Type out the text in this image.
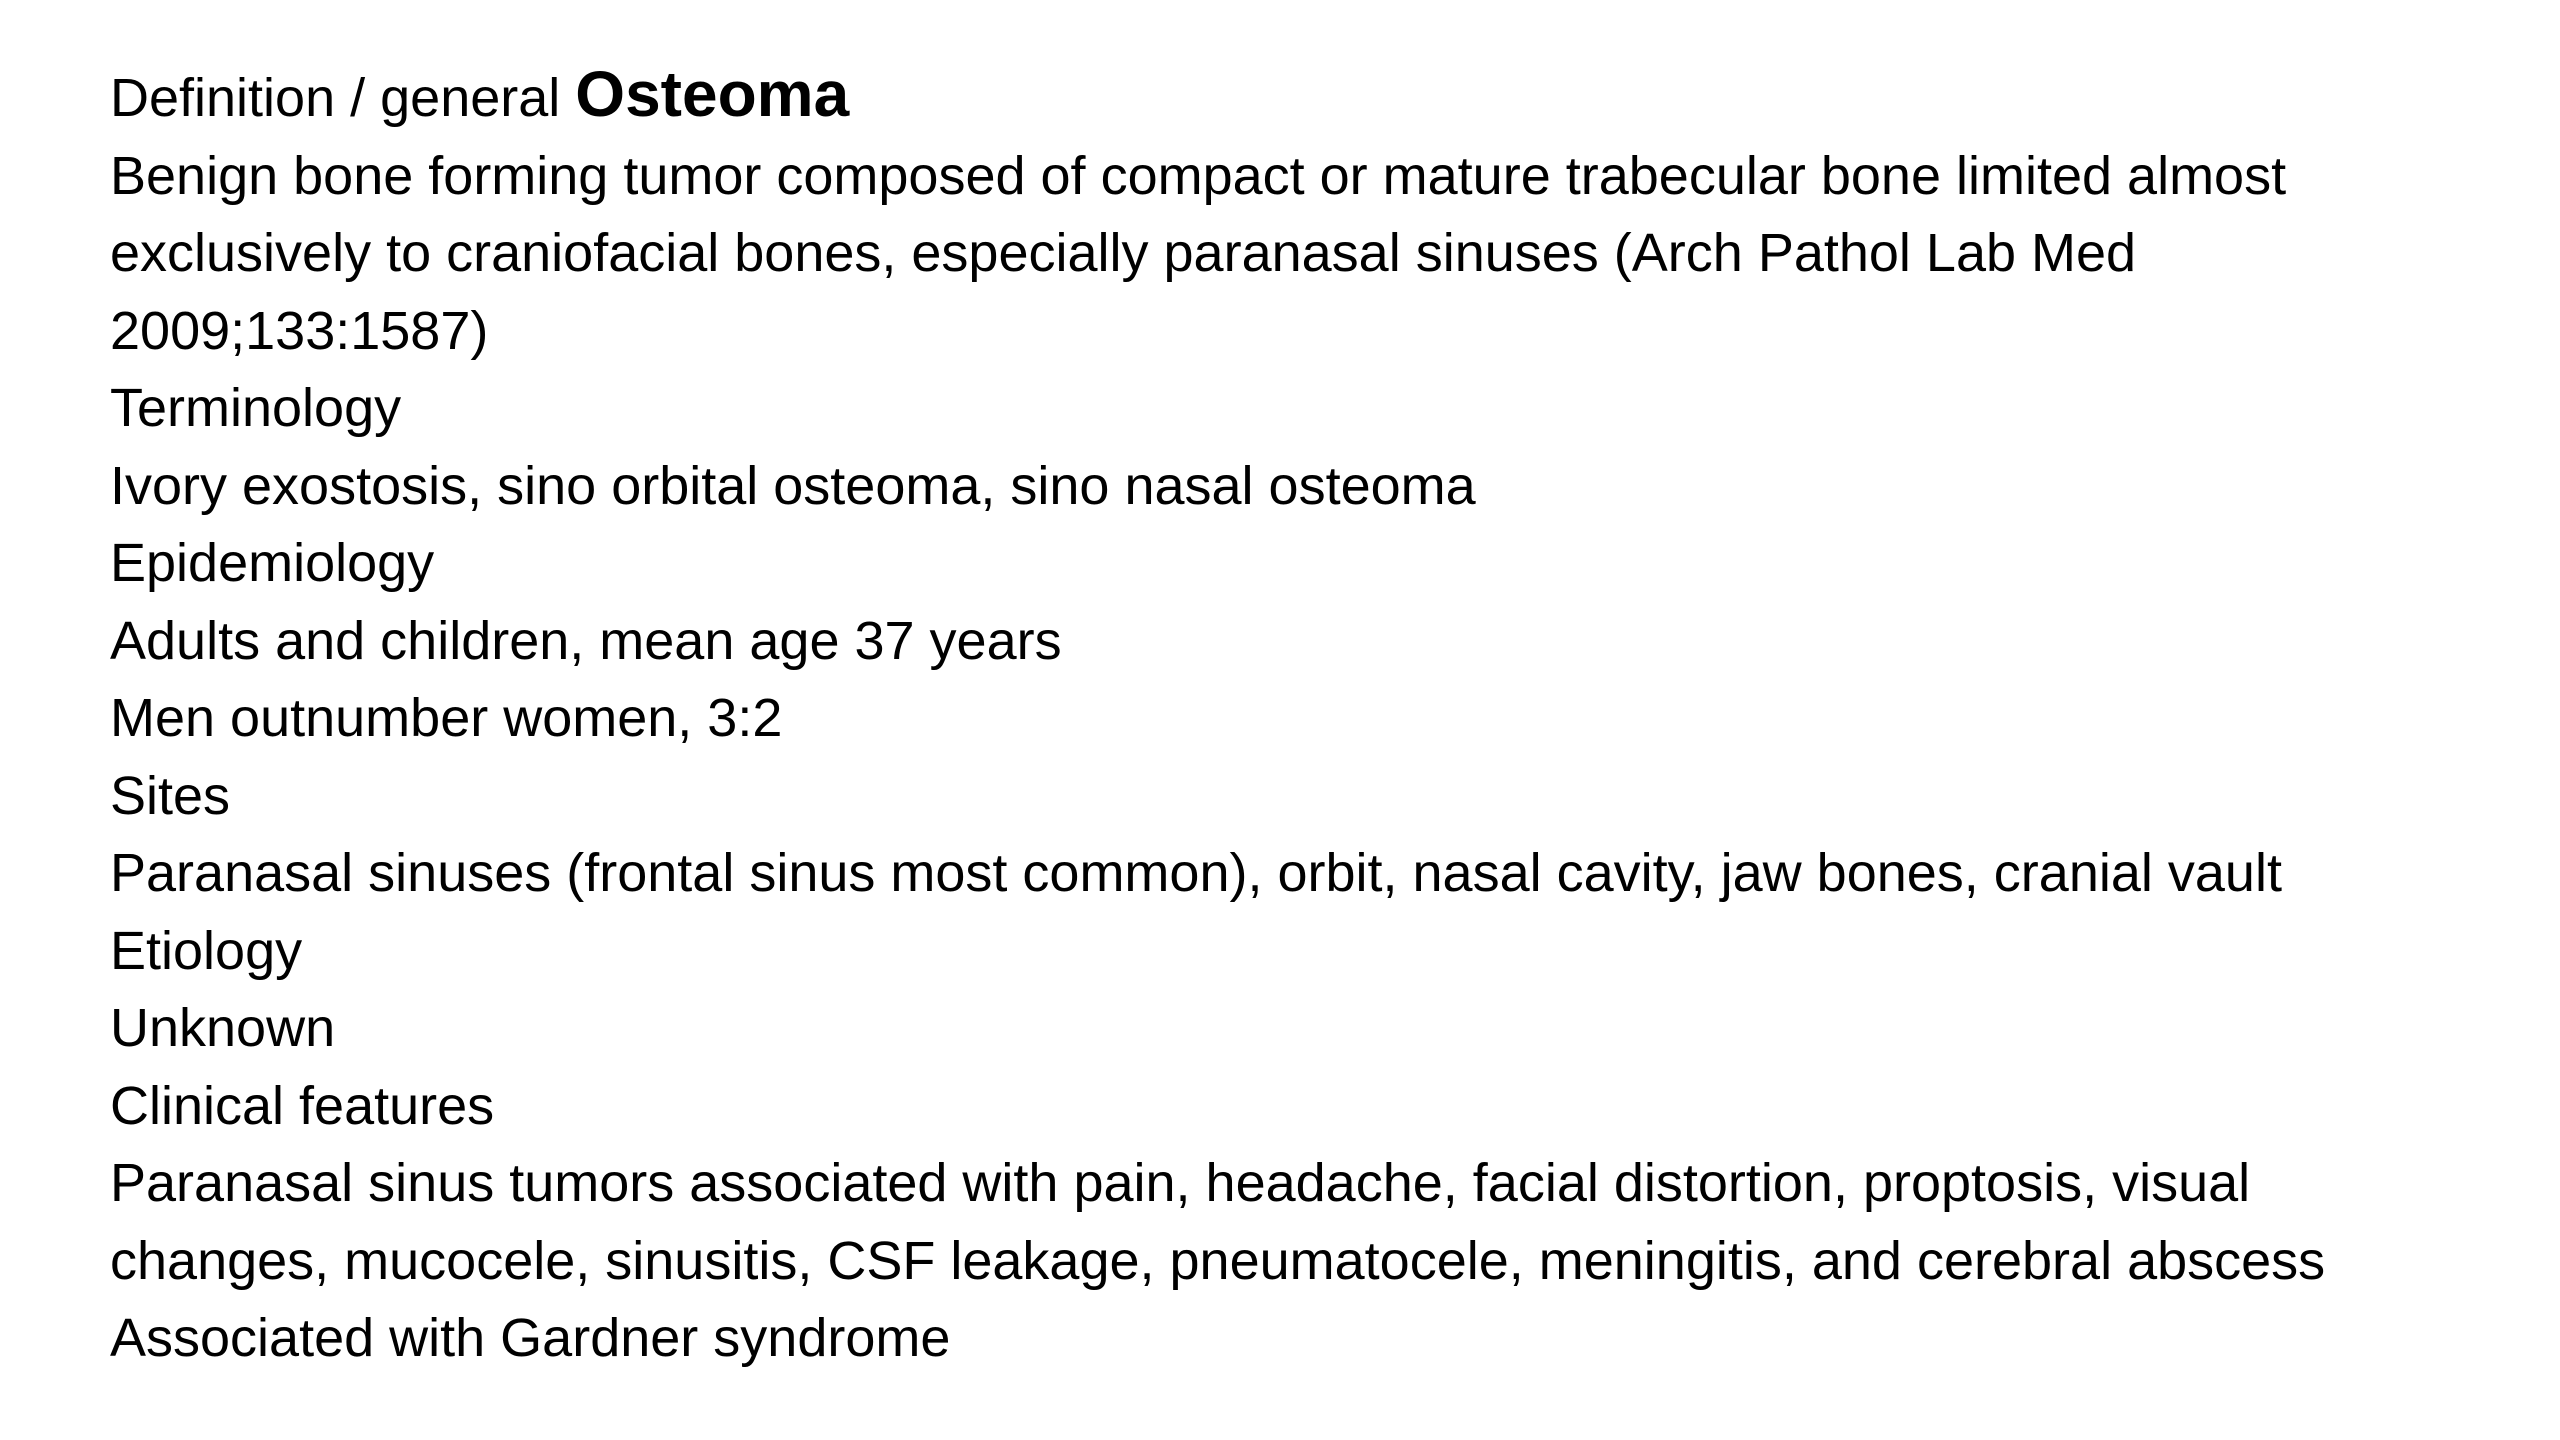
Definition / general Osteoma

Benign bone forming tumor composed of compact or mature trabecular bone limited almost

exclusively to craniofacial bones, especially paranasal sinuses (Arch Pathol Lab Med

2009;133:1587)

Terminology

Ivory exostosis, sino orbital osteoma, sino nasal osteoma

Epidemiology

Adults and children, mean age 37 years

Men outnumber women, 3:2

Sites

Paranasal sinuses (frontal sinus most common), orbit, nasal cavity, jaw bones, cranial vault

Etiology

Unknown

Clinical features

Paranasal sinus tumors associated with pain, headache, facial distortion, proptosis, visual

changes, mucocele, sinusitis, CSF leakage, pneumatocele, meningitis, and cerebral abscess

Associated with Gardner syndrome
